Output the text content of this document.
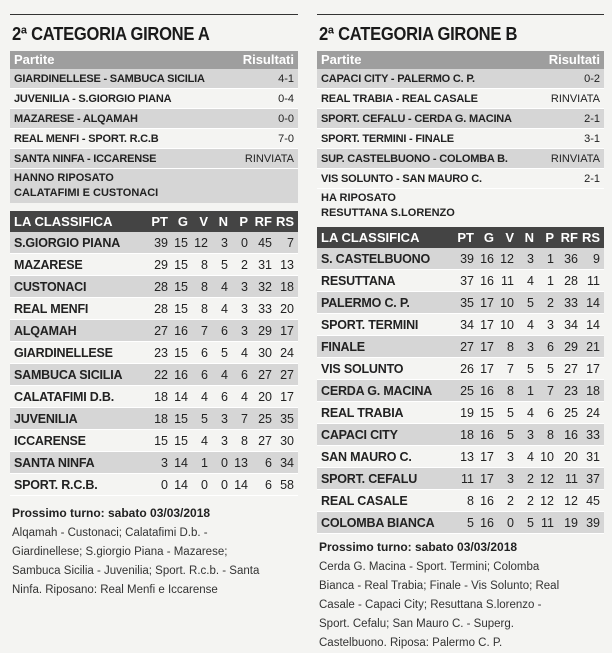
2ª CATEGORIA GIRONE A
Partite	Risultati
GIARDINELLESE - SAMBUCA SICILIA	4-1
JUVENILIA - S.GIORGIO PIANA	0-4
MAZARESE - ALQAMAH	0-0
REAL MENFI - SPORT. R.C.B	7-0
SANTA NINFA - ICCARENSE	RINVIATA
HANNO RIPOSATO
CALATAFIMI E CUSTONACI
LA CLASSIFICA	PT G V N P RF RS
S.GIORGIO PIANA	39 15 12	3	0 45	7
MAZARESE	29 15	8	5	2 31 13
CUSTONACI	28 15	8	4	3 32 18
REAL MENFI	28 15	8	4	3 33 20
ALQAMAH	27 16	7	6	3 29 17
GIARDINELLESE	23 15	6	5	4 30 24
SAMBUCA SICILIA	22 16	6	4	6 27 27
CALATAFIMI D.B.	18 14	4	6	4 20 17
JUVENILIA	18 15	5	3	7 25 35
ICCARENSE	15 15	4	3	8 27 30
SANTA NINFA	3 14	1	0 13	6 34
SPORT. R.C.B.	0 14	0	0 14	6 58
Prossimo turno: sabato 03/03/2018
Alqamah - Custonaci; Calatafimi D.b. -
Giardinellese; S.giorgio Piana - Mazarese;
Sambuca Sicilia - Juvenilia; Sport. R.c.b. - Santa
Ninfa. Riposano: Real Menfi e Iccarense
2ª CATEGORIA GIRONE B
Partite	Risultati
CAPACI CITY - PALERMO C. P.	0-2
REAL TRABIA - REAL CASALE	RINVIATA
SPORT. CEFALU - CERDA G. MACINA	2-1
SPORT. TERMINI - FINALE	3-1
SUP. CASTELBUONO - COLOMBA B.	RINVIATA
VIS SOLUNTO - SAN MAURO C.	2-1
HA RIPOSATO
RESUTTANA S.LORENZO
LA CLASSIFICA	PT G V N P RF RS
S. CASTELBUONO	39 16 12	3	1 36	9
RESUTTANA	37 16 11	4	1 28 11
PALERMO C. P.	35 17 10	5	2 33 14
SPORT. TERMINI	34 17 10	4	3 34 14
FINALE	27 17	8	3	6 29 21
VIS SOLUNTO	26 17	7	5	5 27 17
CERDA G. MACINA	25 16	8	1	7 23 18
REAL TRABIA	19 15	5	4	6 25 24
CAPACI CITY	18 16	5	3	8 16 33
SAN MAURO C.	13 17	3	4 10 20 31
SPORT. CEFALU	11 17	3	2 12 11 37
REAL CASALE	8 16	2	2 12 12 45
COLOMBA BIANCA	5 16	0	5 11 19 39
Prossimo turno: sabato 03/03/2018
Cerda G. Macina - Sport. Termini; Colomba
Bianca - Real Trabia; Finale - Vis Solunto; Real
Casale - Capaci City; Resuttana S.lorenzo -
Sport. Cefalu; San Mauro C. - Superg.
Castelbuono. Riposa: Palermo C. P.
